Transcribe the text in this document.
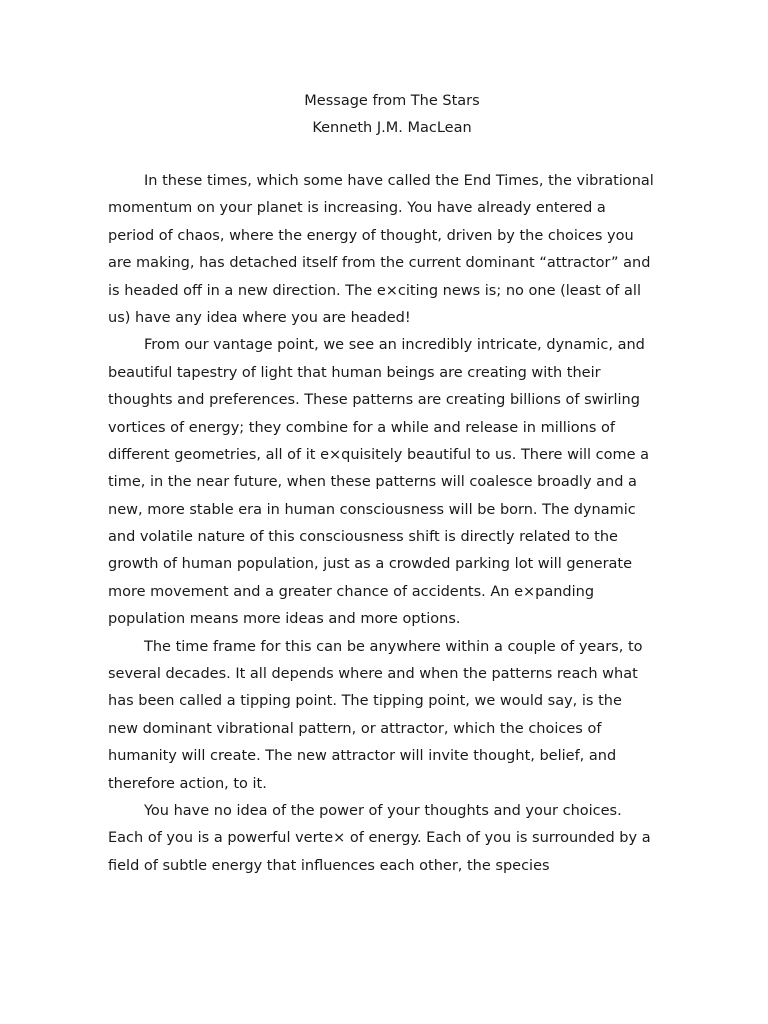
Message from The Stars

Kenneth J.M. MacLean

In these times, which some have called the End Times, the vibrational

momentum on your planet is increasing. You have already entered a

period of chaos, where the energy of thought, driven by the choices you

are making, has detached itself from the current dominant “attractor” and

is headed off in a new direction. The e×citing news is; no one (least of all

us) have any idea where you are headed!

From our vantage point, we see an incredibly intricate, dynamic, and

beautiful tapestry of light that human beings are creating with their

thoughts and preferences. These patterns are creating billions of swirling

vortices of energy; they combine for a while and release in millions of

different geometries, all of it e×quisitely beautiful to us. There will come a

time, in the near future, when these patterns will coalesce broadly and a

new, more stable era in human consciousness will be born. The dynamic

and volatile nature of this consciousness shift is directly related to the

growth of human population, just as a crowded parking lot will generate

more movement and a greater chance of accidents. An e×panding

population means more ideas and more options.

The time frame for this can be anywhere within a couple of years, to

several decades. It all depends where and when the patterns reach what

has been called a tipping point. The tipping point, we would say, is the

new dominant vibrational pattern, or attractor, which the choices of

humanity will create. The new attractor will invite thought, belief, and

therefore action, to it.

You have no idea of the power of your thoughts and your choices.

Each of you is a powerful verte× of energy. Each of you is surrounded by a

field of subtle energy that influences each other, the species
